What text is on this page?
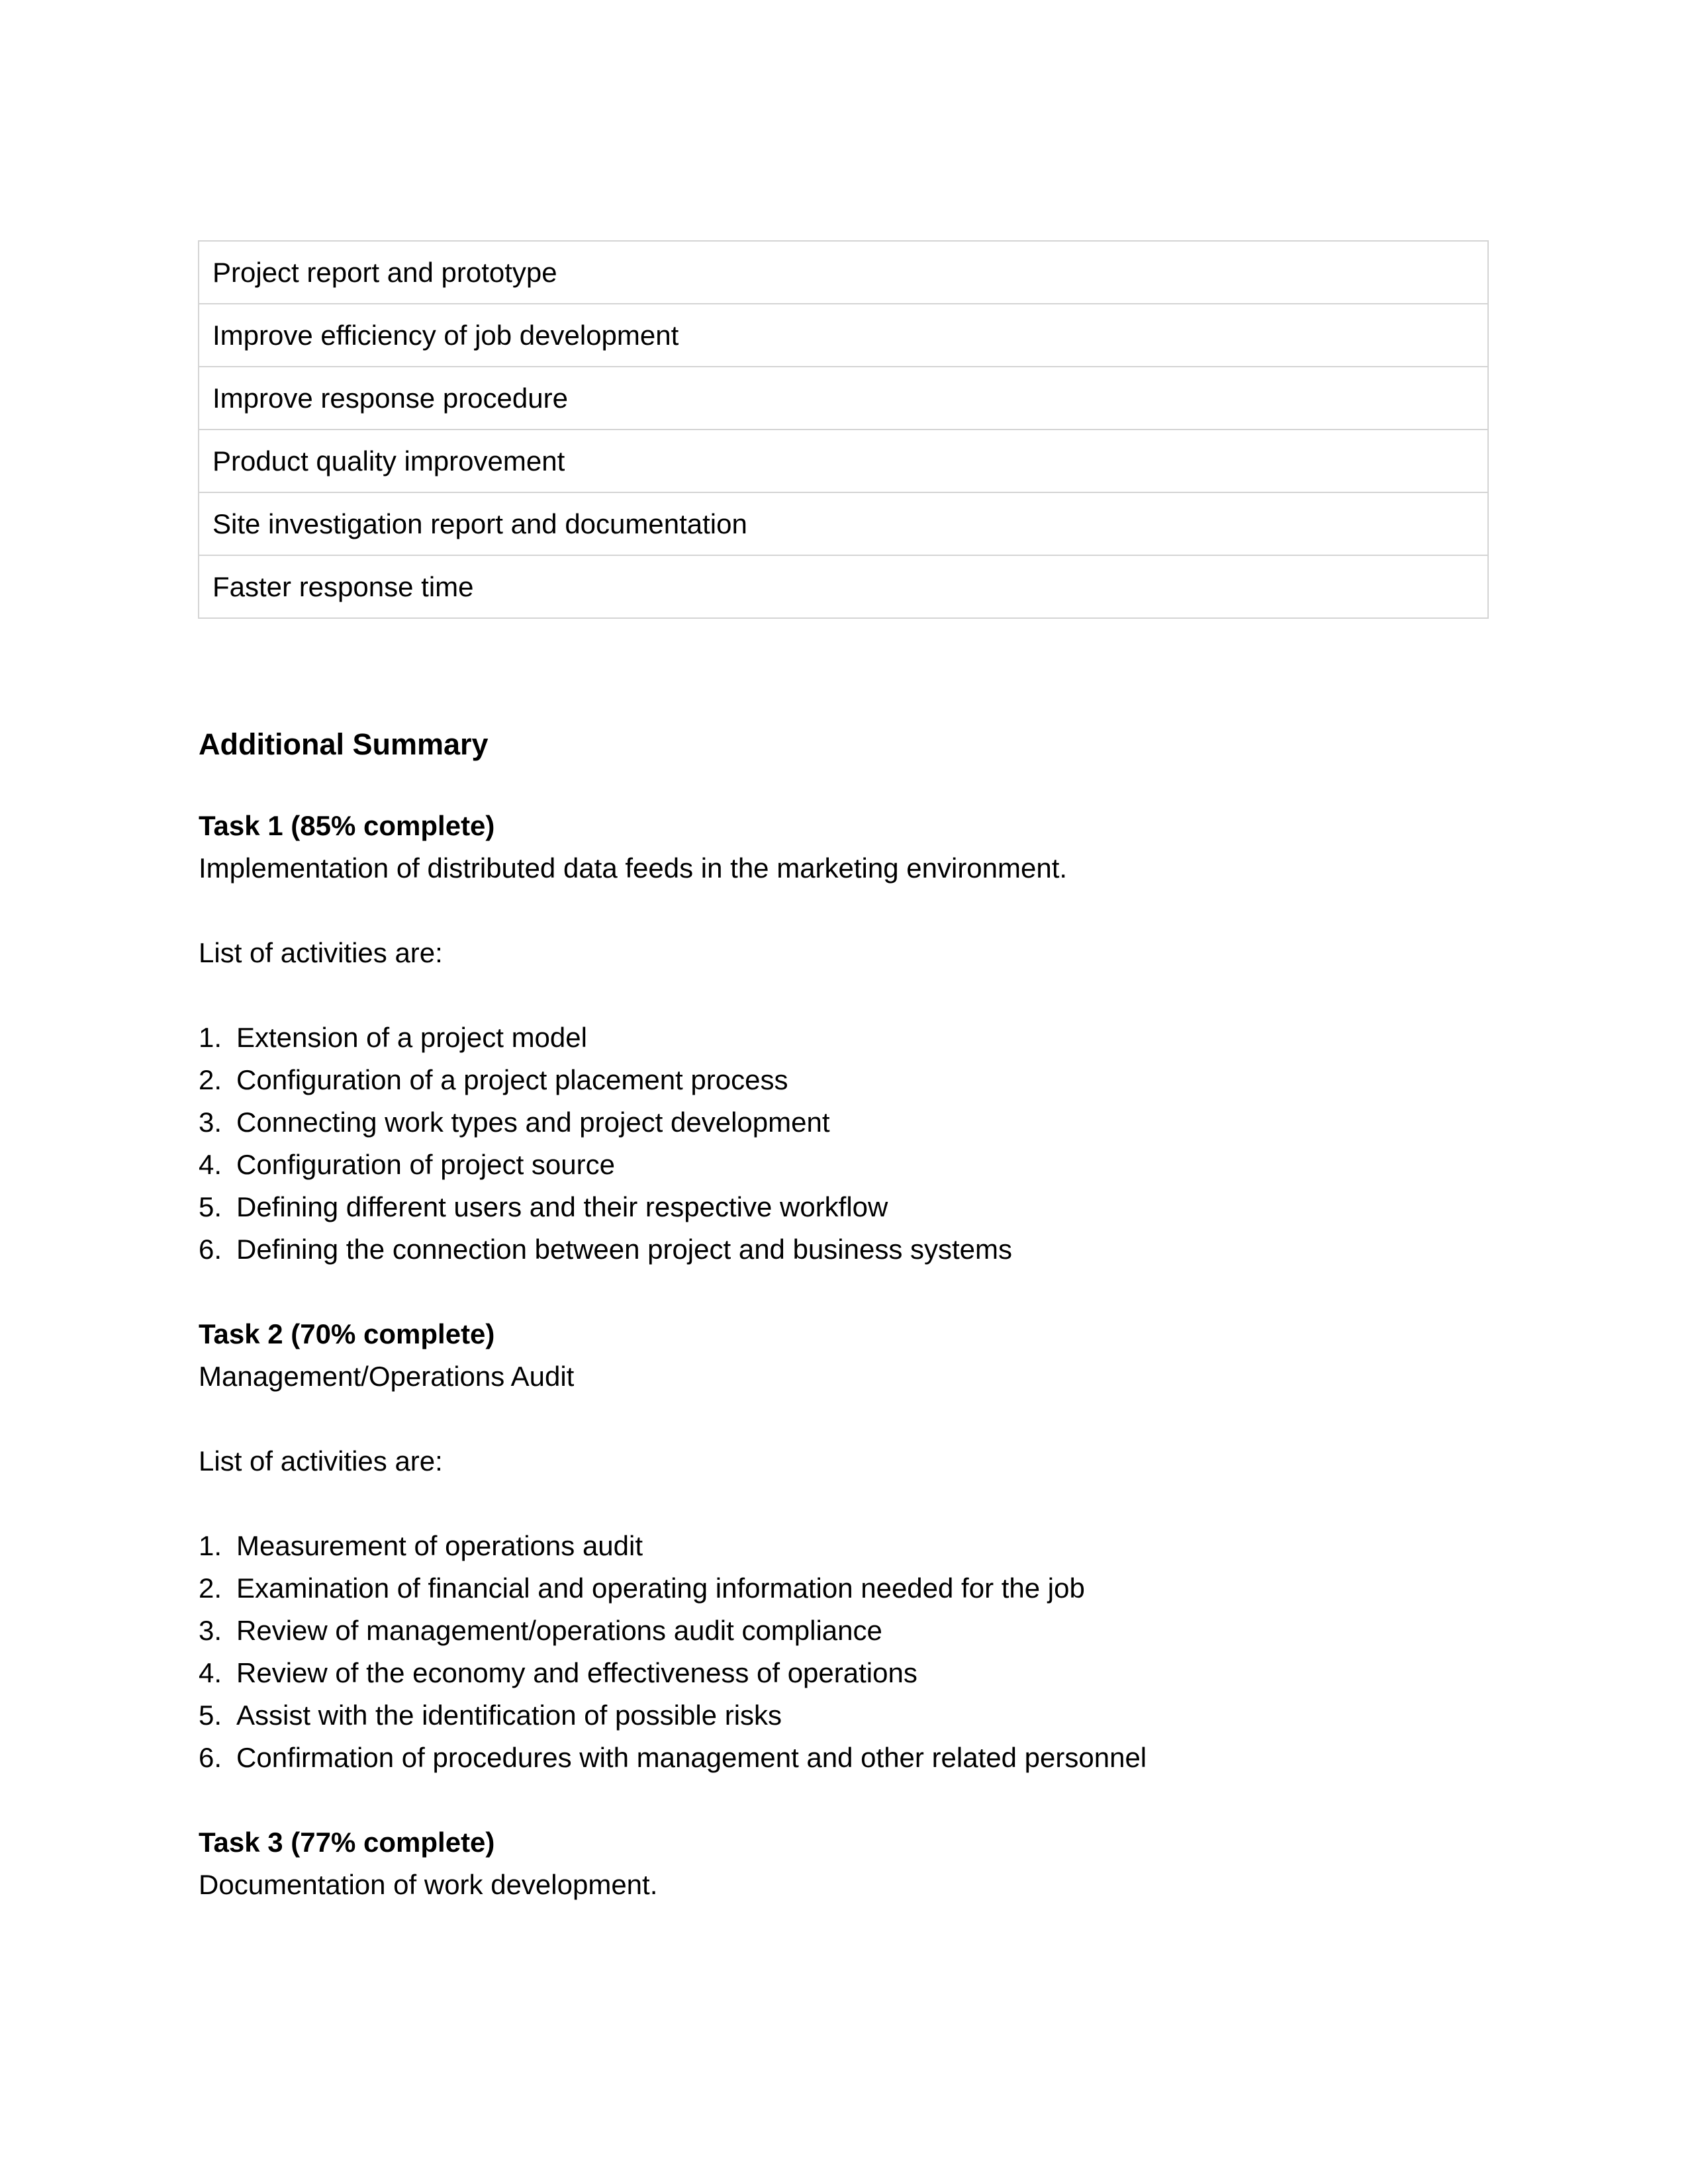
Project report and prototype
Improve efficiency of job development
Improve response procedure
Product quality improvement
Site investigation report and documentation
Faster response time
Additional Summary

Task 1 (85% complete)

Implementation of distributed data feeds in the marketing environment.

List of activities are:

1. Extension of a project model
2. Configuration of a project placement process
3. Connecting work types and project development
4. Configuration of project source
5. Defining different users and their respective workflow
6. Defining the connection between project and business systems

Task 2 (70% complete)

Management/Operations Audit

List of activities are:

1. Measurement of operations audit
2. Examination of financial and operating information needed for the job
3. Review of management/operations audit compliance
4. Review of the economy and effectiveness of operations
5. Assist with the identification of possible risks
6. Confirmation of procedures with management and other related personnel

Task 3 (77% complete)

Documentation of work development.
